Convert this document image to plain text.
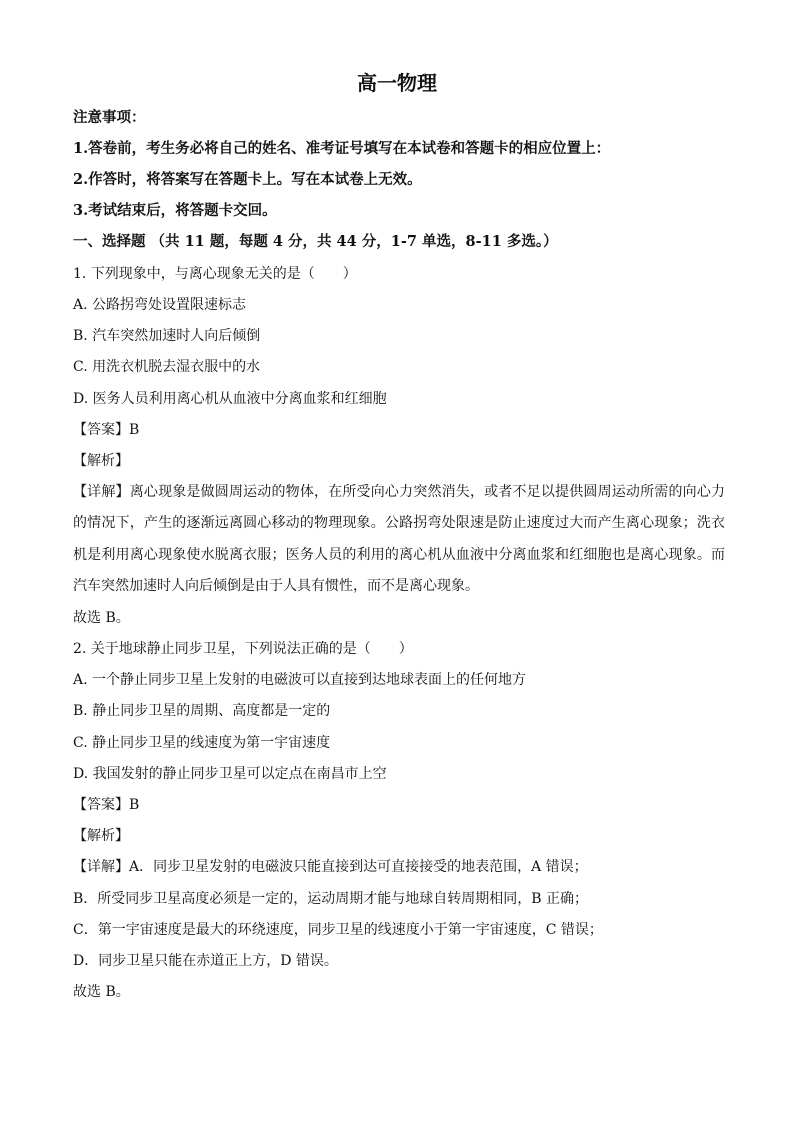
高一物理
注意事项：
1.答卷前，考生务必将自己的姓名、准考证号填写在本试卷和答题卡的相应位置上：
2.作答时，将答案写在答题卡上。写在本试卷上无效。
3.考试结束后，将答题卡交回。
一、选择题 （共 11 题，每题 4 分，共 44 分，1-7 单选，8-11 多选。）
1. 下列现象中，与离心现象无关的是（　　）
A. 公路拐弯处设置限速标志
B. 汽车突然加速时人向后倾倒
C. 用洗衣机脱去湿衣服中的水
D. 医务人员利用离心机从血液中分离血浆和红细胞
【答案】B
【解析】

【详解】离心现象是做圆周运动的物体，在所受向心力突然消失，或者不足以提供圆周运动所需的向心力的情况下，产生的逐渐远离圆心移动的物理现象。公路拐弯处限速是防止速度过大而产生离心现象；洗衣机是利用离心现象使水脱离衣服；医务人员的利用的离心机从血液中分离血浆和红细胞也是离心现象。而汽车突然加速时人向后倾倒是由于人具有惯性，而不是离心现象。

故选 B。
2. 关于地球静止同步卫星，下列说法正确的是（　　）
A. 一个静止同步卫星上发射的电磁波可以直接到达地球表面上的任何地方
B. 静止同步卫星的周期、高度都是一定的
C. 静止同步卫星的线速度为第一宇宙速度
D. 我国发射的静止同步卫星可以定点在南昌市上空
【答案】B
【解析】
【详解】A．同步卫星发射的电磁波只能直接到达可直接接受的地表范围，A 错误；
B．所受同步卫星高度必须是一定的，运动周期才能与地球自转周期相同，B 正确；
C．第一宇宙速度是最大的环绕速度，同步卫星的线速度小于第一宇宙速度，C 错误；
D．同步卫星只能在赤道正上方，D 错误。
故选 B。
